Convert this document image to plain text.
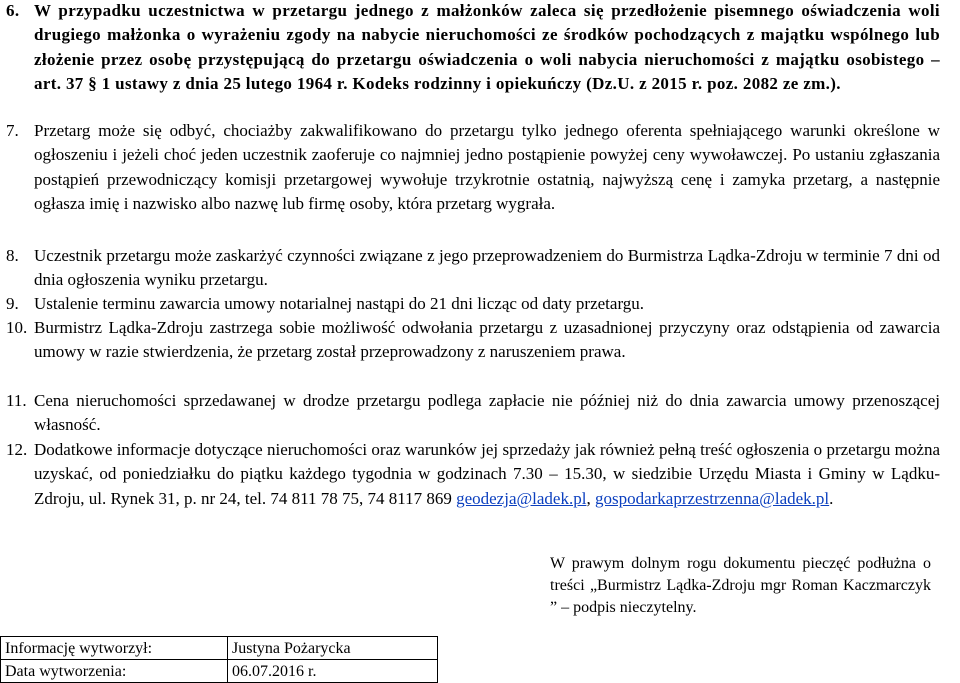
6. W przypadku uczestnictwa w przetargu jednego z małżonków zaleca się przedłożenie pisemnego oświadczenia woli drugiego małżonka o wyrażeniu zgody na nabycie nieruchomości ze środków pochodzących z majątku wspólnego lub złożenie przez osobę przystępującą do przetargu oświadczenia o woli nabycia nieruchomości z majątku osobistego – art. 37 § 1 ustawy z dnia 25 lutego 1964 r. Kodeks rodzinny i opiekuńczy (Dz.U. z 2015 r. poz. 2082 ze zm.).
7. Przetarg może się odbyć, chociażby zakwalifikowano do przetargu tylko jednego oferenta spełniającego warunki określone w ogłoszeniu i jeżeli choć jeden uczestnik zaoferuje co najmniej jedno postąpienie powyżej ceny wywoławczej. Po ustaniu zgłaszania postąpień przewodniczący komisji przetargowej wywołuje trzykrotnie ostatnią, najwyższą cenę i zamyka przetarg, a następnie ogłasza imię i nazwisko albo nazwę lub firmę osoby, która przetarg wygrała.
8. Uczestnik przetargu może zaskarżyć czynności związane z jego przeprowadzeniem do Burmistrza Lądka-Zdroju w terminie 7 dni od dnia ogłoszenia wyniku przetargu.
9. Ustalenie terminu zawarcia umowy notarialnej nastąpi do 21 dni licząc od daty przetargu.
10. Burmistrz Lądka-Zdroju zastrzega sobie możliwość odwołania przetargu z uzasadnionej przyczyny oraz odstąpienia od zawarcia umowy w razie stwierdzenia, że przetarg został przeprowadzony z naruszeniem prawa.
11. Cena nieruchomości sprzedawanej w drodze przetargu podlega zapłacie nie później niż do dnia zawarcia umowy przenoszącej własność.
12. Dodatkowe informacje dotyczące nieruchomości oraz warunków jej sprzedaży jak również pełną treść ogłoszenia o przetargu można uzyskać, od poniedziałku do piątku każdego tygodnia w godzinach 7.30 – 15.30, w siedzibie Urzędu Miasta i Gminy w Lądku-Zdroju, ul. Rynek 31, p. nr 24, tel. 74 811 78 75, 74 8117 869 geodezja@ladek.pl, gospodarkaprzestrzenna@ladek.pl.
W prawym dolnym rogu dokumentu pieczęć podłużna o treści „Burmistrz Lądka-Zdroju mgr Roman Kaczmarczyk ” – podpis nieczytelny.
Informację wytworzył:	Justyna Pożarycka
Data wytworzenia:	06.07.2016 r.
